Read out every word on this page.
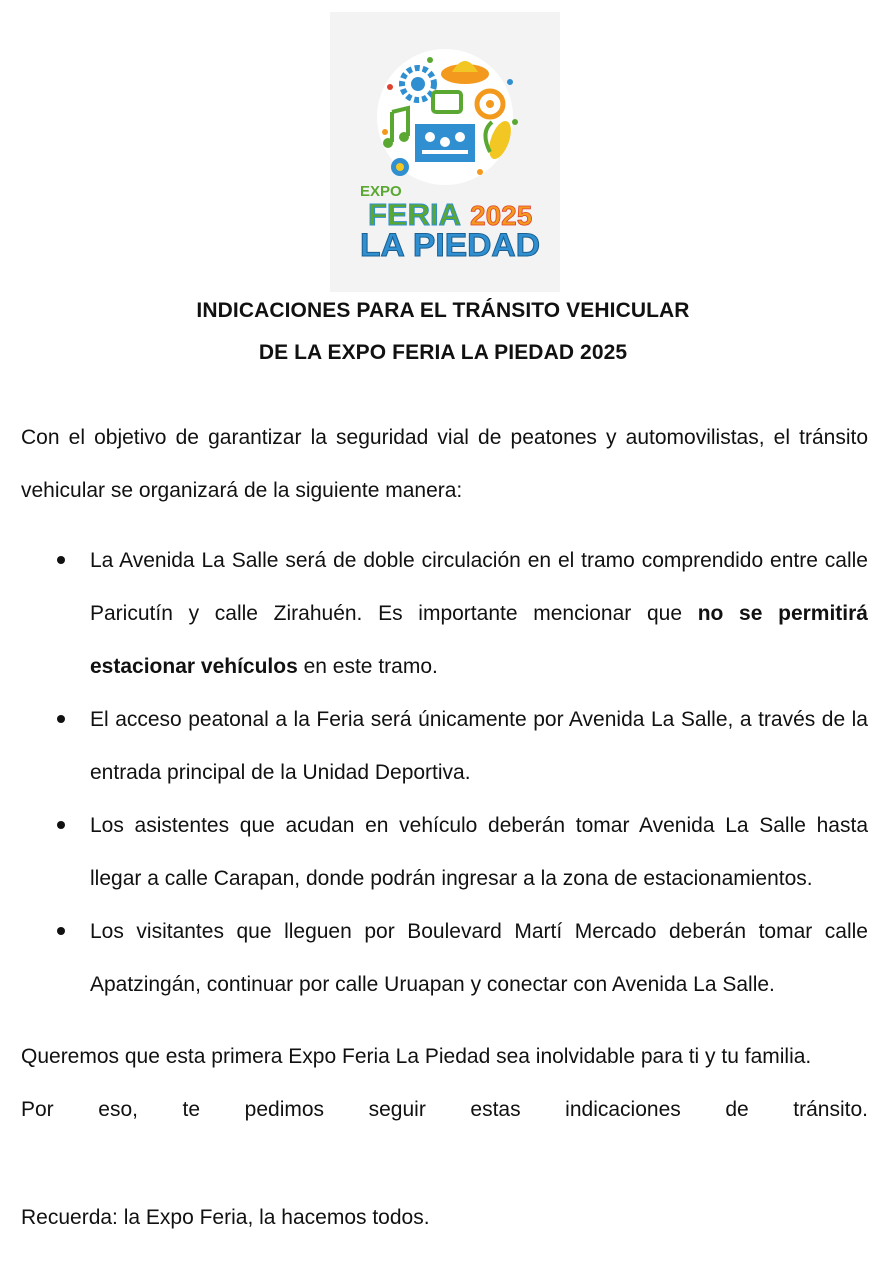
EXPO
FERIA 2025
LA PIEDAD
INDICACIONES PARA EL TRÁNSITO VEHICULAR
DE LA EXPO FERIA LA PIEDAD 2025
Con el objetivo de garantizar la seguridad vial de peatones y automovilistas, el tránsito vehicular se organizará de la siguiente manera:
La Avenida La Salle será de doble circulación en el tramo comprendido entre calle Paricutín y calle Zirahuén. Es importante mencionar que no se permitirá estacionar vehículos en este tramo.
El acceso peatonal a la Feria será únicamente por Avenida La Salle, a través de la entrada principal de la Unidad Deportiva.
Los asistentes que acudan en vehículo deberán tomar Avenida La Salle hasta llegar a calle Carapan, donde podrán ingresar a la zona de estacionamientos.
Los visitantes que lleguen por Boulevard Martí Mercado deberán tomar calle Apatzingán, continuar por calle Uruapan y conectar con Avenida La Salle.
Queremos que esta primera Expo Feria La Piedad sea inolvidable para ti y tu familia.
Por eso, te pedimos seguir estas indicaciones de tránsito.
Recuerda: la Expo Feria, la hacemos todos.
